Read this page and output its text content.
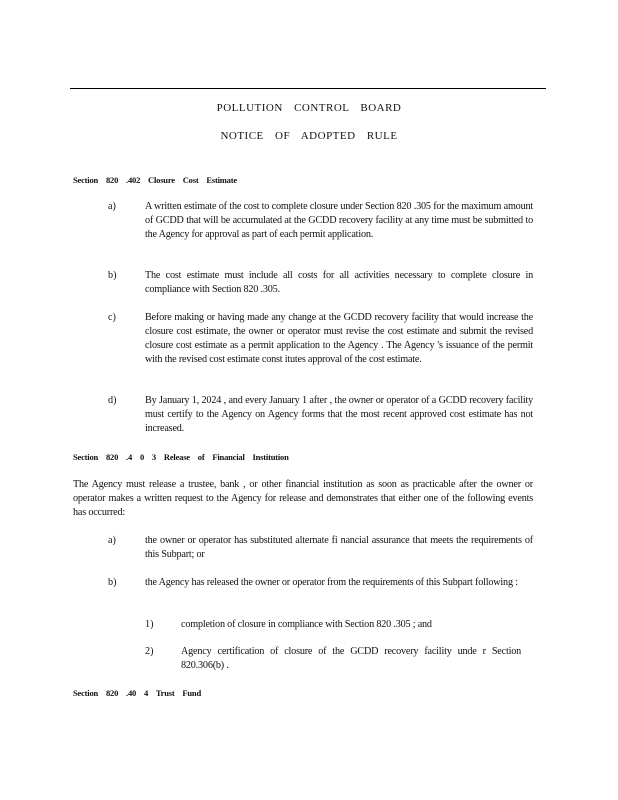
POLLUTION CONTROL BOARD
NOTICE OF ADOPTED RULE
Section 820 .402 Closure Cost Estimate
a)	A written estimate of the cost to complete closure under Section 820 .305 for the maximum amount of GCDD that will be accumulated at the GCDD recovery facility at any time must be submitted to the Agency for approval as part of each permit application.
b)	The cost estimate must include all costs for all activities necessary to complete closure in compliance with Section 820 .305.
c)	Before making or having made any change at the GCDD recovery facility that would increase the closure cost estimate, the owner or operator must revise the cost estimate and submit the revised closure cost estimate as a permit application to the Agency . The Agency 's issuance of the permit with the revised cost estimate const itutes approval of the cost estimate.
d)	By January 1, 2024 , and every January 1 after , the owner or operator of a GCDD recovery facility must certify to the Agency on Agency forms that the most recent approved cost estimate has not increased.
Section 820 .4 0 3 Release of Financial Institution
The Agency must release a trustee, bank , or other financial institution as soon as practicable after the owner or operator makes a written request to the Agency for release and demonstrates that either one of the following events has occurred:
a)	the owner or operator has substituted alternate fi nancial assurance that meets the requirements of this Subpart; or
b)	the Agency has released the owner or operator from the requirements of this Subpart following :
1)	completion of closure in compliance with Section 820 .305 ; and
2)	Agency certification of closure of the GCDD recovery facility unde r Section 820.306(b) .
Section 820 .40 4 Trust Fund
